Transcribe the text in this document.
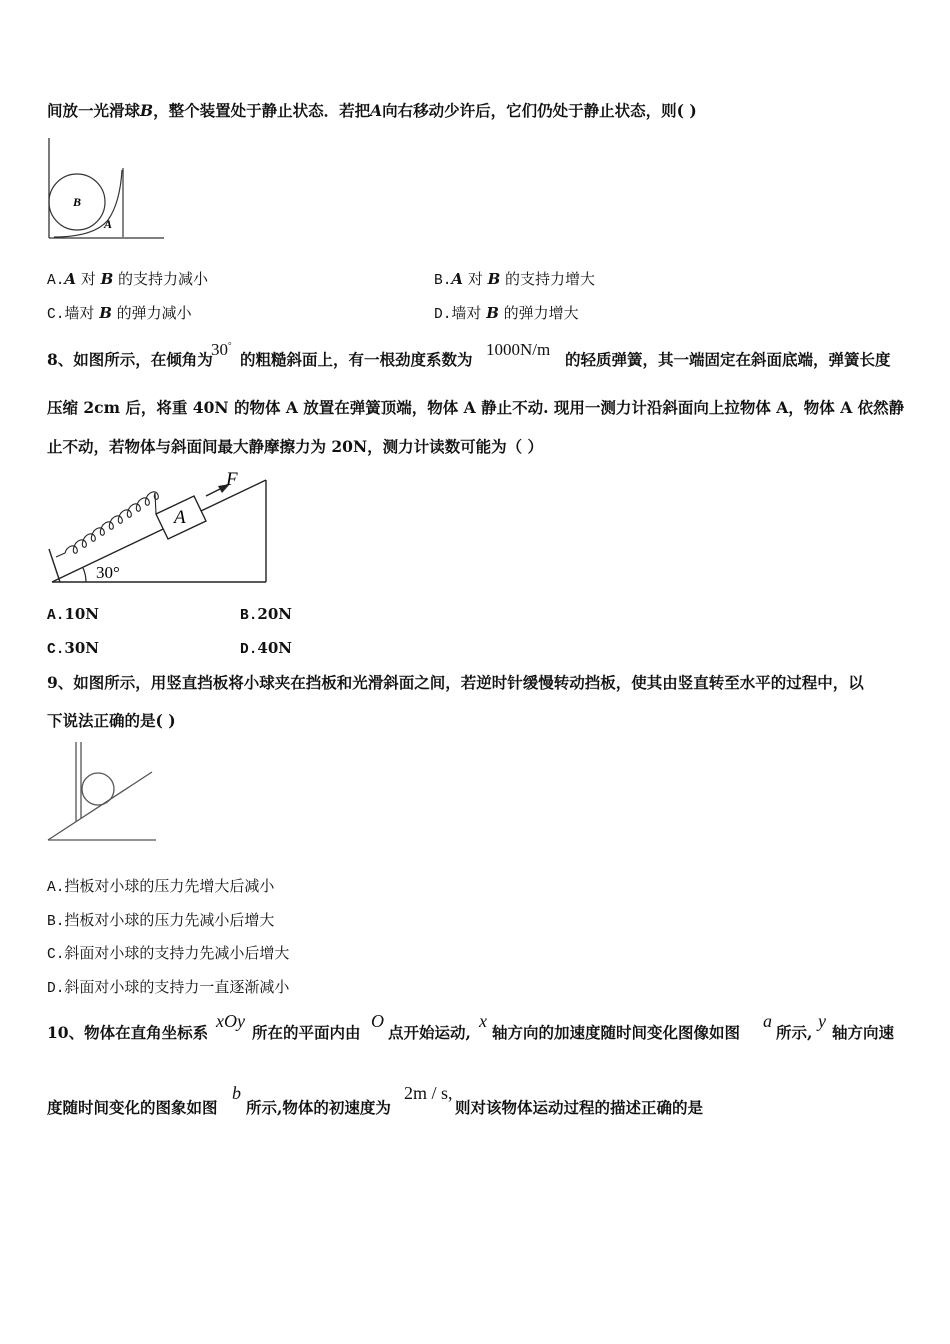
间放一光滑球B，整个装置处于静止状态．若把A向右移动少许后，它们仍处于静止状态，则( )
B
A
A.A 对 B 的支持力减小	B.A 对 B 的支持力增大
C.墙对 B 的弹力减小	D.墙对 B 的弹力增大
8、如图所示，在倾角为
30°
的粗糙斜面上，有一根劲度系数为
1000N/m
的轻质弹簧，其一端固定在斜面底端，弹簧长度
压缩 2cm 后，将重 40N 的物体 A 放置在弹簧顶端，物体 A 静止不动. 现用一测力计沿斜面向上拉物体 A，物体 A 依然静
止不动，若物体与斜面间最大静摩擦力为 20N，测力计读数可能为（ ）
A
F
30°
A.10N	B.20N
C.30N	D.40N
9、如图所示，用竖直挡板将小球夹在挡板和光滑斜面之间，若逆时针缓慢转动挡板，使其由竖直转至水平的过程中，以
下说法正确的是( )
A.挡板对小球的压力先增大后减小
B.挡板对小球的压力先减小后增大
C.斜面对小球的支持力先减小后增大
D.斜面对小球的支持力一直逐渐减小
10、物体在直角坐标系
xOy
所在的平面内由
O
点开始运动,
x
轴方向的加速度随时间变化图像如图
a
所示,
y
轴方向速
度随时间变化的图象如图
b
所示,物体的初速度为
2m / s,
则对该物体运动过程的描述正确的是
